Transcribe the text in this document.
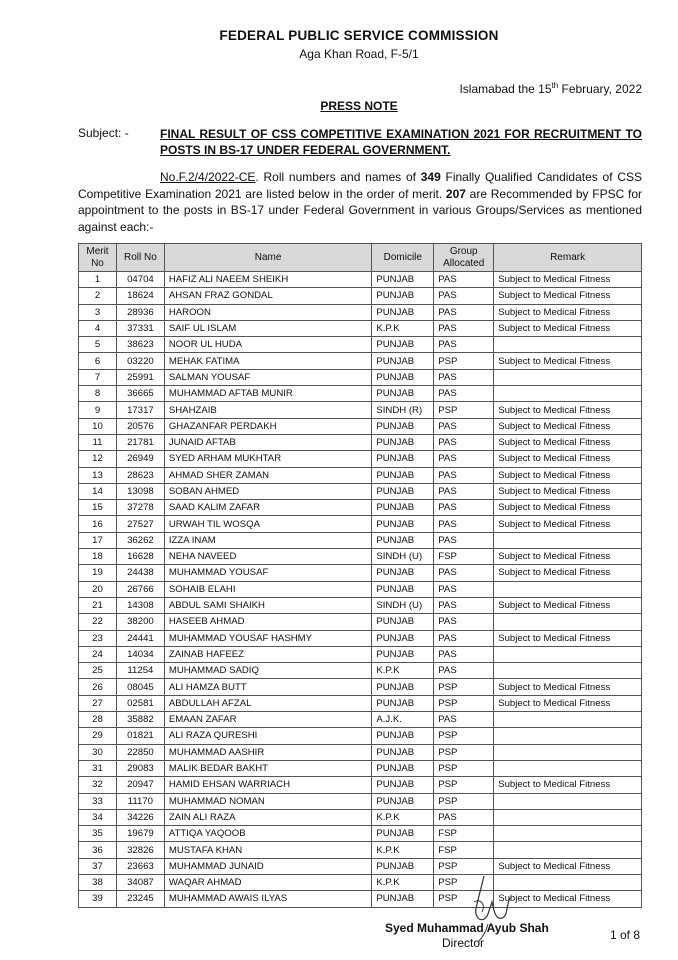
FEDERAL PUBLIC SERVICE COMMISSION
Aga Khan Road, F-5/1
Islamabad the 15th February, 2022
PRESS NOTE
Subject: -	FINAL RESULT OF CSS COMPETITIVE EXAMINATION 2021 FOR RECRUITMENT TO POSTS IN BS-17 UNDER FEDERAL GOVERNMENT.
No.F.2/4/2022-CE. Roll numbers and names of 349 Finally Qualified Candidates of CSS Competitive Examination 2021 are listed below in the order of merit. 207 are Recommended by FPSC for appointment to the posts in BS-17 under Federal Government in various Groups/Services as mentioned against each:-
Merit No	Roll No	Name	Domicile	Group Allocated	Remark
1	04704	HAFIZ ALI NAEEM SHEIKH	PUNJAB	PAS	Subject to Medical Fitness
2	18624	AHSAN FRAZ GONDAL	PUNJAB	PAS	Subject to Medical Fitness
3	28936	HAROON	PUNJAB	PAS	Subject to Medical Fitness
4	37331	SAIF UL ISLAM	K.P.K	PAS	Subject to Medical Fitness
5	38623	NOOR UL HUDA	PUNJAB	PAS	
6	03220	MEHAK FATIMA	PUNJAB	PSP	Subject to Medical Fitness
7	25991	SALMAN YOUSAF	PUNJAB	PAS	
8	36665	MUHAMMAD AFTAB MUNIR	PUNJAB	PAS	
9	17317	SHAHZAIB	SINDH (R)	PSP	Subject to Medical Fitness
10	20576	GHAZANFAR PERDAKH	PUNJAB	PAS	Subject to Medical Fitness
11	21781	JUNAID AFTAB	PUNJAB	PAS	Subject to Medical Fitness
12	26949	SYED ARHAM MUKHTAR	PUNJAB	PAS	Subject to Medical Fitness
13	28623	AHMAD SHER ZAMAN	PUNJAB	PAS	Subject to Medical Fitness
14	13098	SOBAN AHMED	PUNJAB	PAS	Subject to Medical Fitness
15	37278	SAAD KALIM ZAFAR	PUNJAB	PAS	Subject to Medical Fitness
16	27527	URWAH TIL WOSQA	PUNJAB	PAS	Subject to Medical Fitness
17	36262	IZZA INAM	PUNJAB	PAS	
18	16628	NEHA NAVEED	SINDH (U)	FSP	Subject to Medical Fitness
19	24438	MUHAMMAD YOUSAF	PUNJAB	PAS	Subject to Medical Fitness
20	26766	SOHAIB ELAHI	PUNJAB	PAS	
21	14308	ABDUL SAMI SHAIKH	SINDH (U)	PAS	Subject to Medical Fitness
22	38200	HASEEB AHMAD	PUNJAB	PAS	
23	24441	MUHAMMAD YOUSAF HASHMY	PUNJAB	PAS	Subject to Medical Fitness
24	14034	ZAINAB HAFEEZ	PUNJAB	PAS	
25	11254	MUHAMMAD SADIQ	K.P.K	PAS	
26	08045	ALI HAMZA BUTT	PUNJAB	PSP	Subject to Medical Fitness
27	02581	ABDULLAH AFZAL	PUNJAB	PSP	Subject to Medical Fitness
28	35882	EMAAN ZAFAR	A.J.K.	PAS	
29	01821	ALI RAZA QURESHI	PUNJAB	PSP	
30	22850	MUHAMMAD AASHIR	PUNJAB	PSP	
31	29083	MALIK BEDAR BAKHT	PUNJAB	PSP	
32	20947	HAMID EHSAN WARRIACH	PUNJAB	PSP	Subject to Medical Fitness
33	11170	MUHAMMAD NOMAN	PUNJAB	PSP	
34	34226	ZAIN ALI RAZA	K.P.K	PAS	
35	19679	ATTIQA YAQOOB	PUNJAB	FSP	
36	32826	MUSTAFA KHAN	K.P.K	FSP	
37	23663	MUHAMMAD JUNAID	PUNJAB	PSP	Subject to Medical Fitness
38	34087	WAQAR AHMAD	K.P.K	PSP	
39	23245	MUHAMMAD AWAIS ILYAS	PUNJAB	PSP	Subject to Medical Fitness
Syed Muhammad Ayub Shah
Director
1 of 8
